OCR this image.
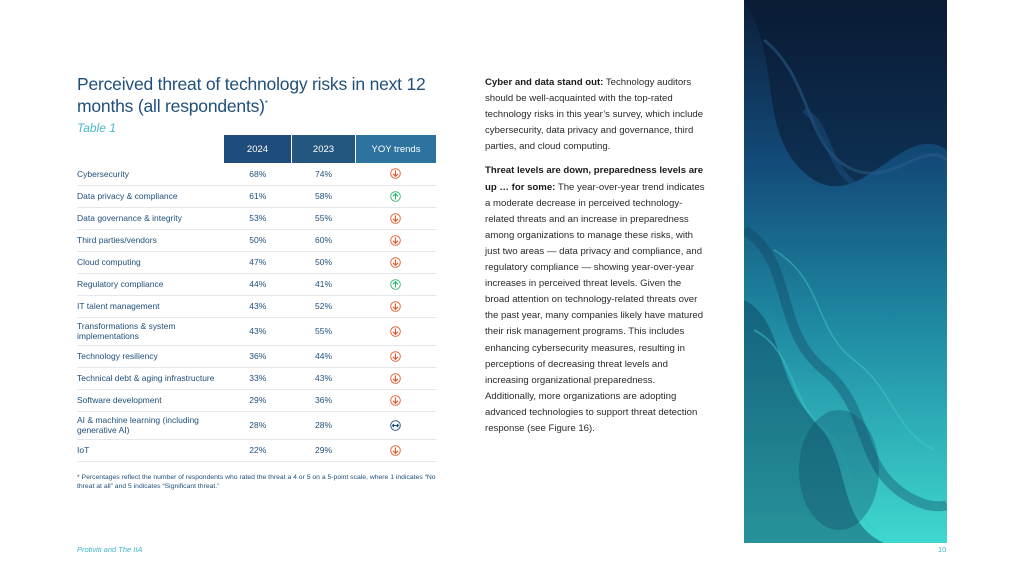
Perceived threat of technology risks in next 12 months (all respondents)*
Table 1
	2024	2023	YOY trends
Cybersecurity	68%	74%	
Data privacy & compliance	61%	58%	
Data governance & integrity	53%	55%	
Third parties/vendors	50%	60%	
Cloud computing	47%	50%	
Regulatory compliance	44%	41%	
IT talent management	43%	52%	
Transformations & system implementations	43%	55%	
Technology resiliency	36%	44%	
Technical debt & aging infrastructure	33%	43%	
Software development	29%	36%	
AI & machine learning (including generative AI)	28%	28%	
IoT	22%	29%	
* Percentages reflect the number of respondents who rated the threat a 4 or 5 on a 5-point scale, where 1 indicates “No threat at all” and 5 indicates “Significant threat.”

Cyber and data stand out: Technology auditors should be well-acquainted with the top-rated technology risks in this year’s survey, which include cybersecurity, data privacy and governance, third parties, and cloud computing.

Threat levels are down, preparedness levels are up … for some: The year-over-year trend indicates a moderate decrease in perceived technology-related threats and an increase in preparedness among organizations to manage these risks, with just two areas — data privacy and compliance, and regulatory compliance — showing year-over-year increases in perceived threat levels. Given the broad attention on technology-related threats over the past year, many companies likely have matured their risk management programs. This includes enhancing cybersecurity measures, resulting in perceptions of decreasing threat levels and increasing organizational preparedness. Additionally, more organizations are adopting advanced technologies to support threat detection response (see Figure 16).

Protiviti and The IIA	10
